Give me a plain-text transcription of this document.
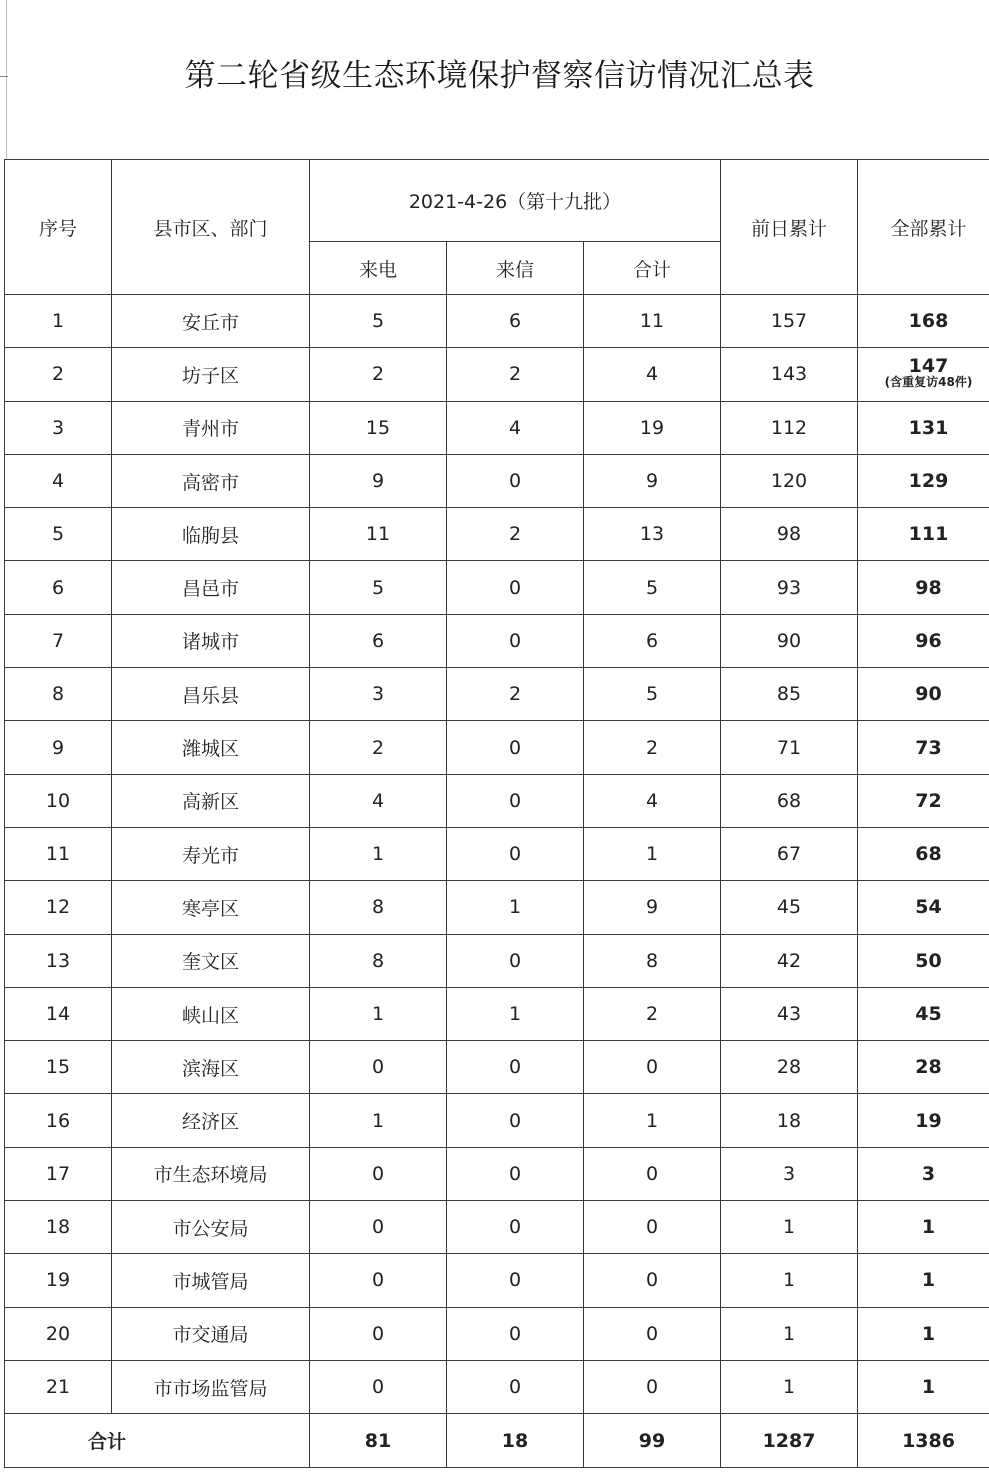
第二轮省级生态环境保护督察信访情况汇总表
序号	县市区、部门	2021-4-26（第十九批）			前日累计	全部累计
		来电	来信	合计		
1	安丘市	5	6	11	157	168
2	坊子区	2	2	4	143	147
(含重复访48件)

3	青州市	15	4	19	112	131
4	高密市	9	0	9	120	129
5	临朐县	11	2	13	98	111
6	昌邑市	5	0	5	93	98
7	诸城市	6	0	6	90	96
8	昌乐县	3	2	5	85	90
9	潍城区	2	0	2	71	73
10	高新区	4	0	4	68	72
11	寿光市	1	0	1	67	68
12	寒亭区	8	1	9	45	54
13	奎文区	8	0	8	42	50
14	峡山区	1	1	2	43	45
15	滨海区	0	0	0	28	28
16	经济区	1	0	1	18	19
17	市生态环境局	0	0	0	3	3
18	市公安局	0	0	0	1	1
19	市城管局	0	0	0	1	1
20	市交通局	0	0	0	1	1
21	市市场监管局	0	0	0	1	1
合计		81	18	99	1287	1386
